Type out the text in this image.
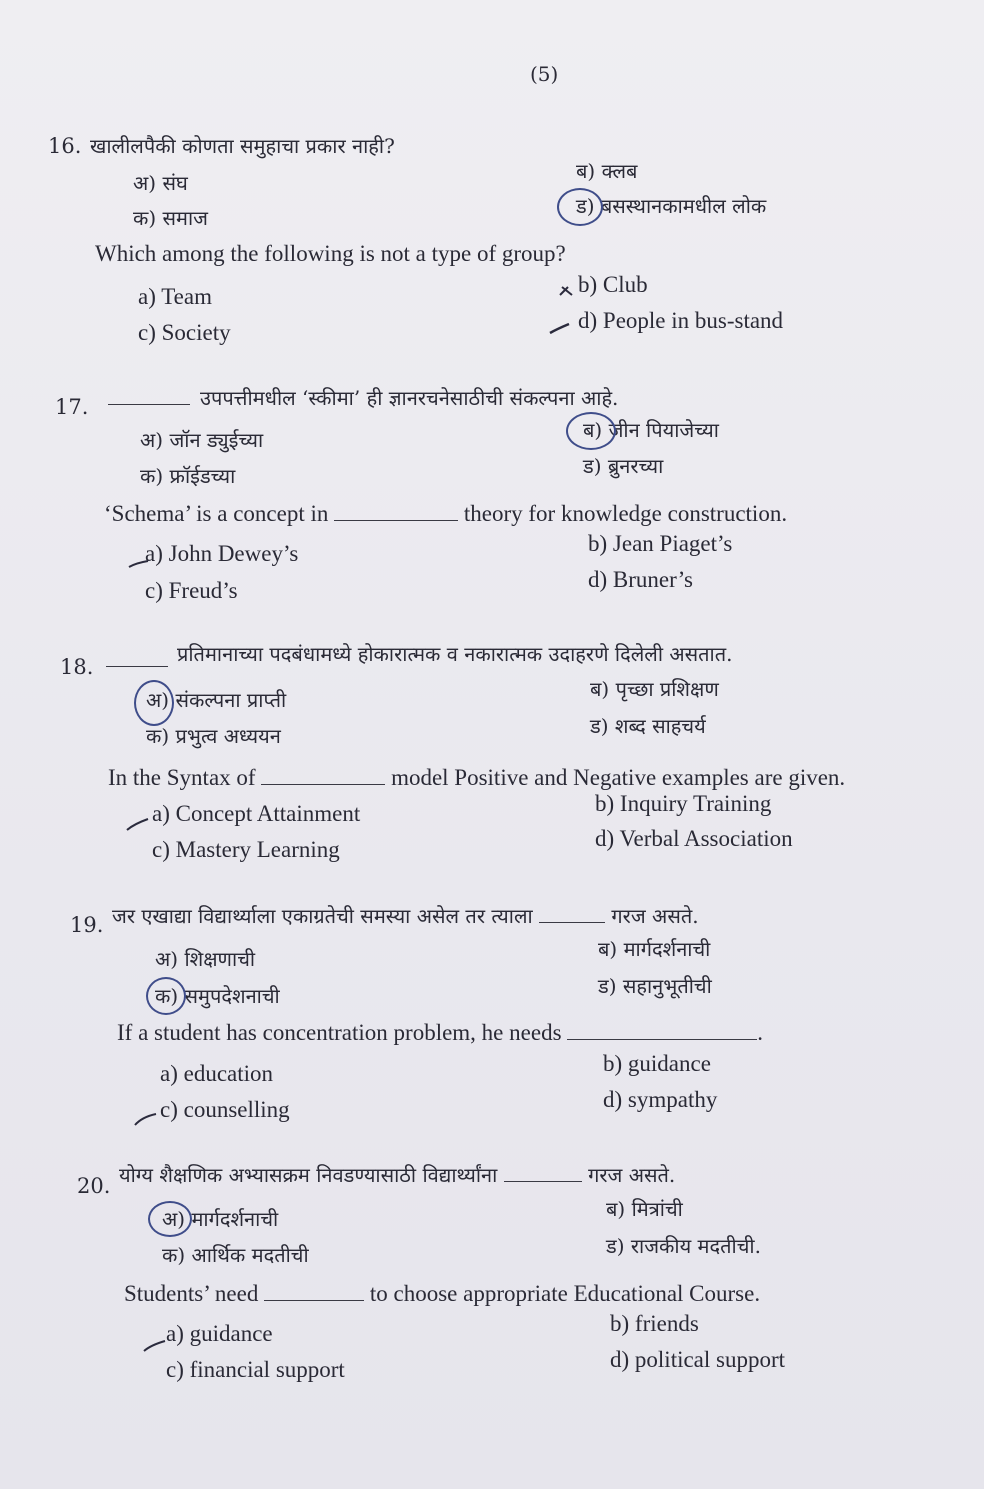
(5)
16. खालीलपैकी कोणता समुहाचा प्रकार नाही?
अ) संघ	ब) क्लब
क) समाज	ड) बसस्थानकामधील लोक
Which among the following is not a type of group?
a) Team	b) Club
c) Society	d) People in bus-stand
17.	उपपत्तीमधील ‘स्कीमा’ ही ज्ञानरचनेसाठीची संकल्पना आहे.
अ) जॉन ड्युईच्या	ब) जीन पियाजेच्या
क) फ्रॉईडच्या	ड) ब्रुनरच्या
‘Schema’ is a concept in	theory for knowledge construction.
a) John Dewey’s	b) Jean Piaget’s
c) Freud’s	d) Bruner’s
18.
प्रतिमानाच्या पदबंधामध्ये होकारात्मक व नकारात्मक उदाहरणे दिलेली असतात.
अ) संकल्पना प्राप्ती	ब) पृच्छा प्रशिक्षण
क) प्रभुत्व अध्ययन	ड) शब्द साहचर्य
In the Syntax of	model Positive and Negative examples are given.
a) Concept Attainment	b) Inquiry Training
c) Mastery Learning	d) Verbal Association
19. जर एखाद्या विद्यार्थ्याला एकाग्रतेची समस्या असेल तर त्याला	गरज असते.
अ) शिक्षणाची	ब) मार्गदर्शनाची
क) समुपदेशनाची	ड) सहानुभूतीची
If a student has concentration problem, he needs	.
a) education	b) guidance
c) counselling	d) sympathy
20. योग्य शैक्षणिक अभ्यासक्रम निवडण्यासाठी विद्यार्थ्यांना	गरज असते.
अ) मार्गदर्शनाची	ब) मित्रांची
क) आर्थिक मदतीची	ड) राजकीय मदतीची.
Students’ need	to choose appropriate Educational Course.
a) guidance	b) friends
c) financial support	d) political support
